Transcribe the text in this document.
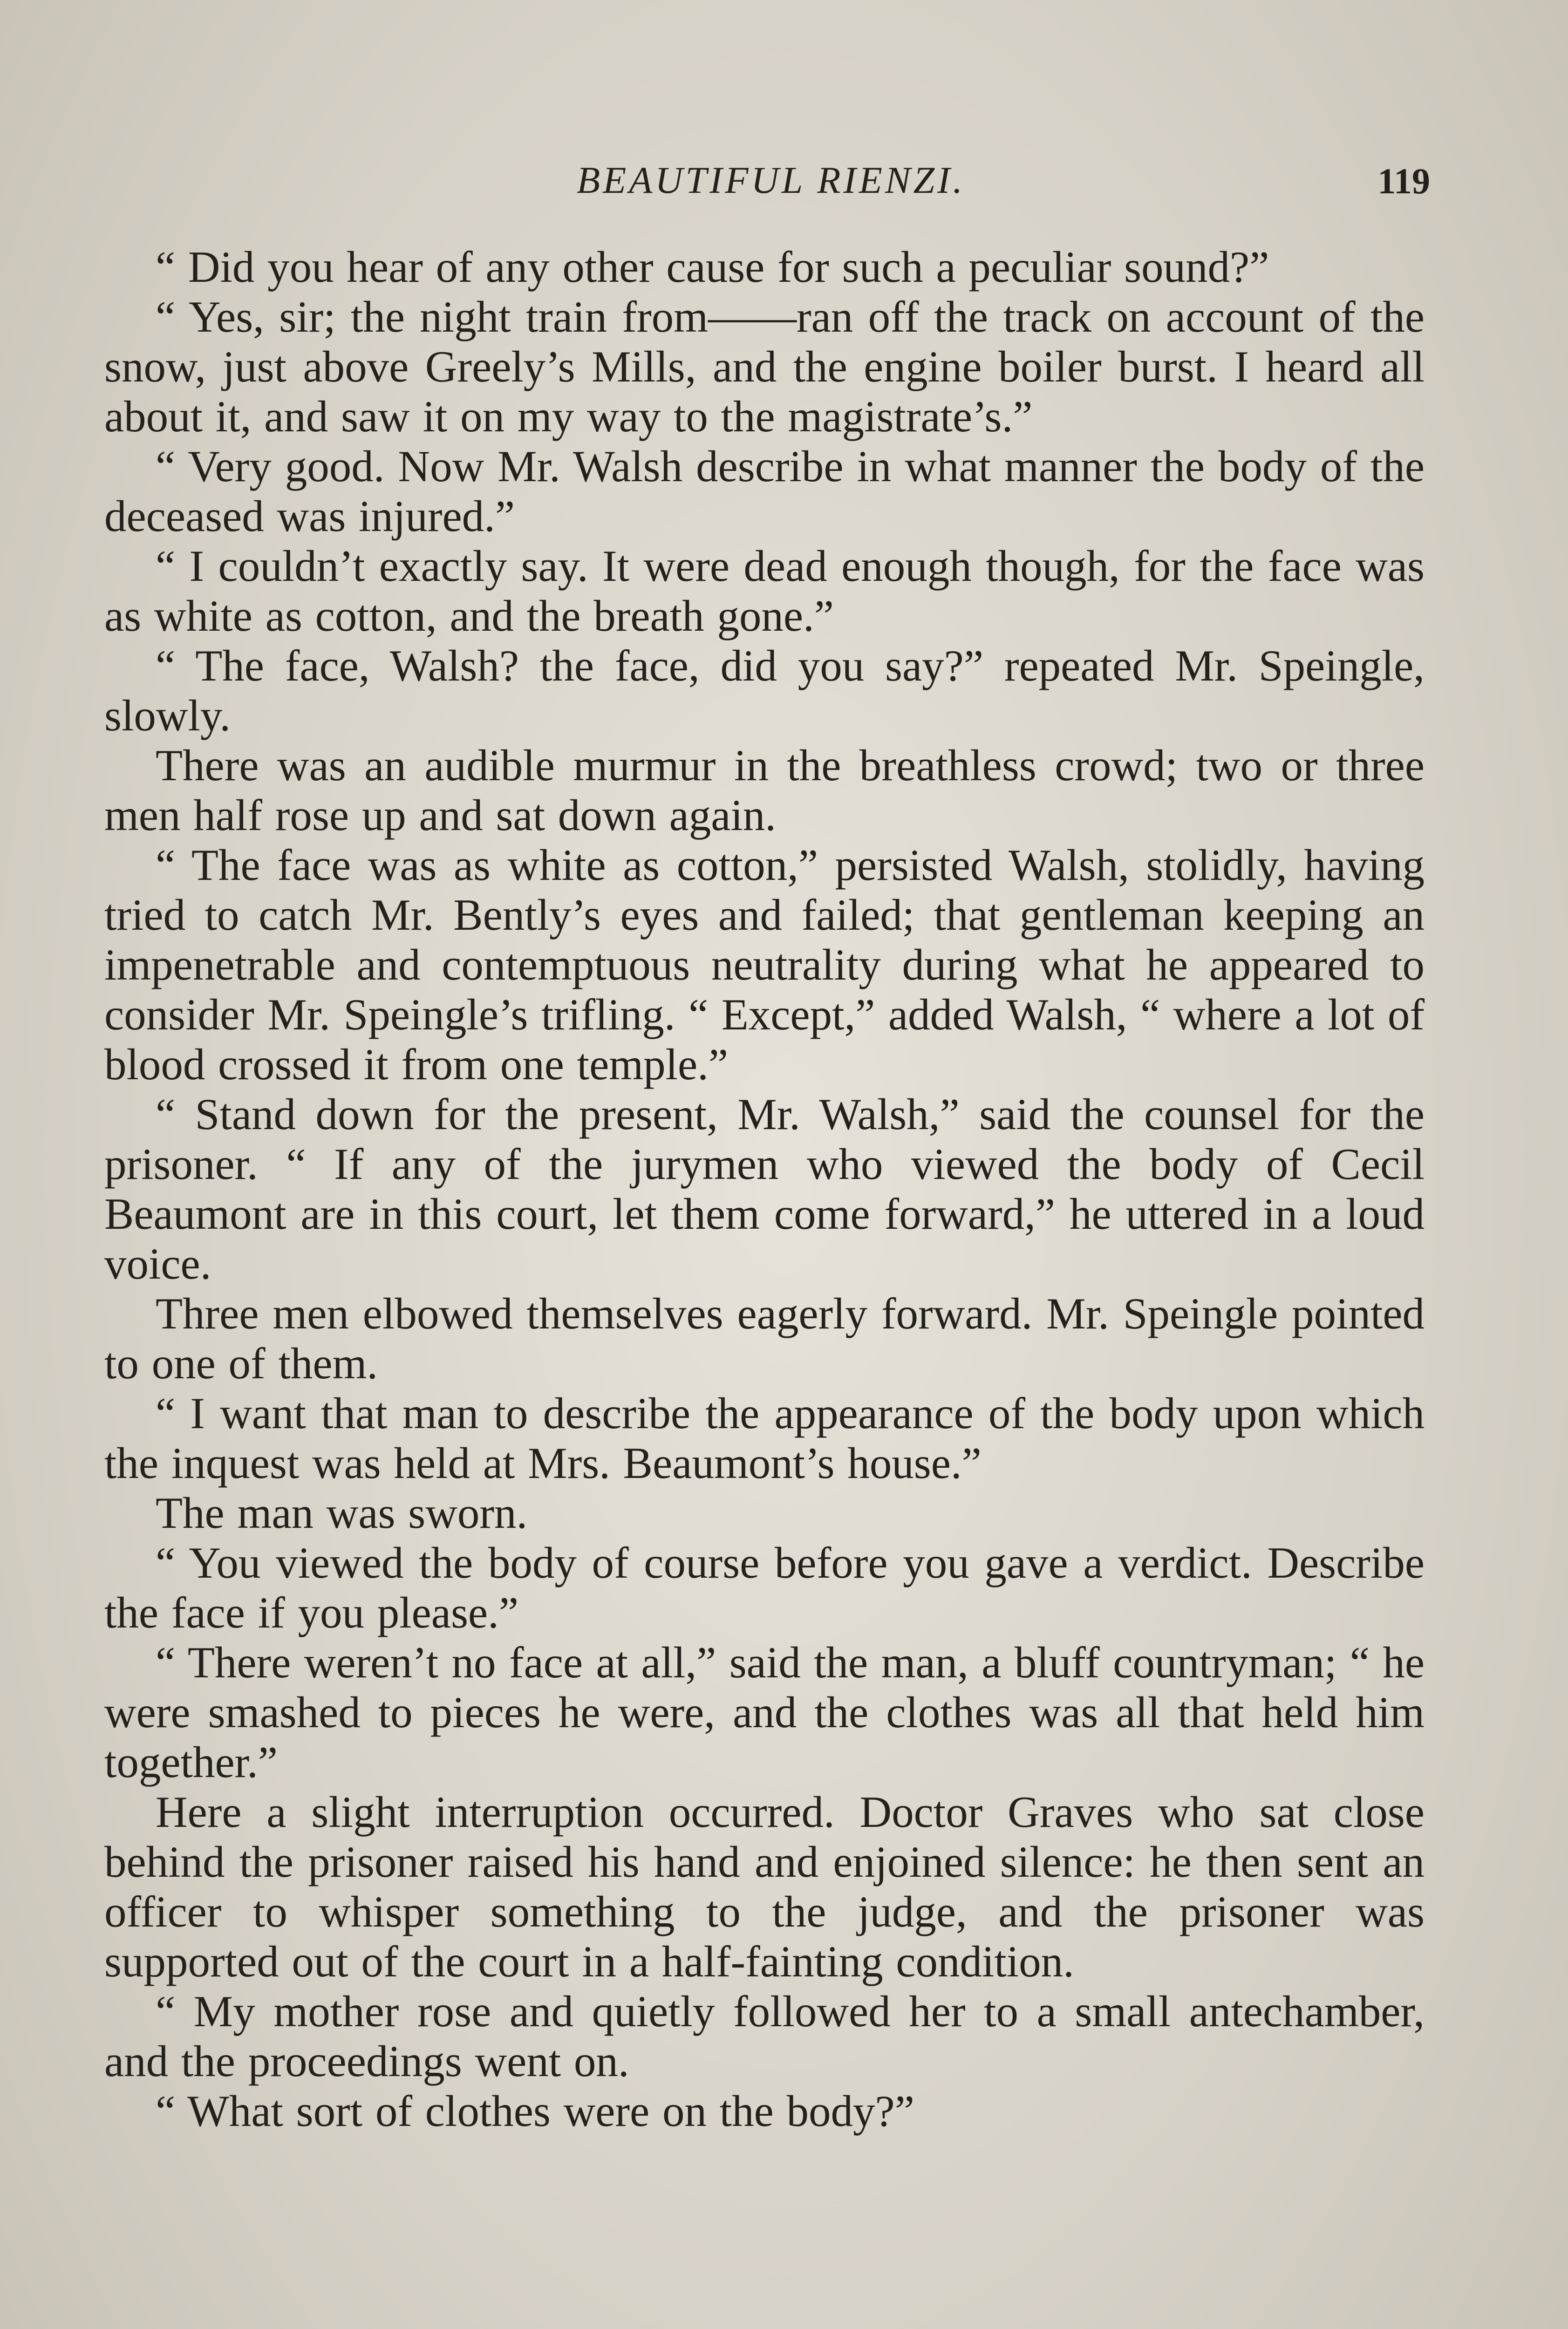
BEAUTIFUL RIENZI.	119

“ Did you hear of any other cause for such a peculiar sound?”

“ Yes, sir; the night train from——ran off the track on account of the snow, just above Greely’s Mills, and the engine boiler burst. I heard all about it, and saw it on my way to the magistrate’s.”

“ Very good. Now Mr. Walsh describe in what manner the body of the deceased was injured.”

“ I couldn’t exactly say. It were dead enough though, for the face was as white as cotton, and the breath gone.”

“ The face, Walsh? the face, did you say?” repeated Mr. Speingle, slowly.

There was an audible murmur in the breathless crowd; two or three men half rose up and sat down again.

“ The face was as white as cotton,” persisted Walsh, stolidly, having tried to catch Mr. Bently’s eyes and failed; that gentleman keeping an impenetrable and contemptuous neutrality during what he appeared to consider Mr. Speingle’s trifling. “ Except,” added Walsh, “ where a lot of blood crossed it from one temple.”

“ Stand down for the present, Mr. Walsh,” said the counsel for the prisoner. “ If any of the jurymen who viewed the body of Cecil Beaumont are in this court, let them come forward,” he uttered in a loud voice.

Three men elbowed themselves eagerly forward. Mr. Speingle pointed to one of them.

“ I want that man to describe the appearance of the body upon which the inquest was held at Mrs. Beaumont’s house.”

The man was sworn.

“ You viewed the body of course before you gave a verdict. Describe the face if you please.”

“ There weren’t no face at all,” said the man, a bluff countryman; “ he were smashed to pieces he were, and the clothes was all that held him together.”

Here a slight interruption occurred. Doctor Graves who sat close behind the prisoner raised his hand and enjoined silence: he then sent an officer to whisper something to the judge, and the prisoner was supported out of the court in a half-fainting condition.

“ My mother rose and quietly followed her to a small antechamber, and the proceedings went on.

“ What sort of clothes were on the body?”
